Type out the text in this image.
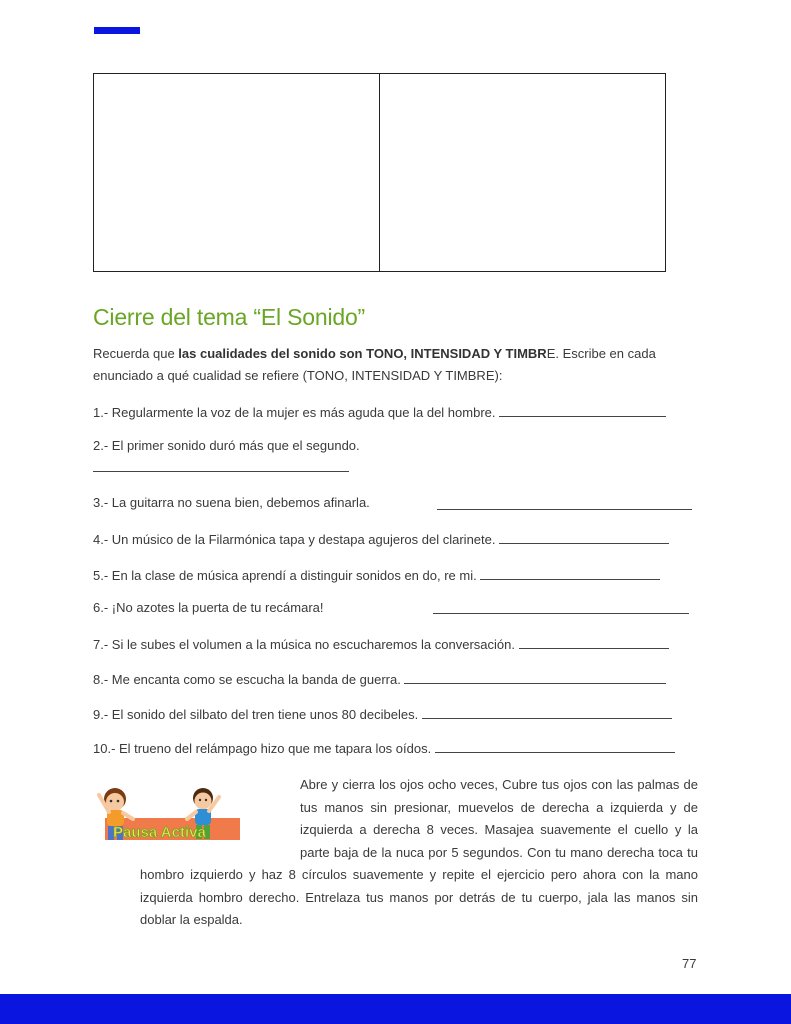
Cierre del tema “El Sonido”

Recuerda que las cualidades del sonido son TONO, INTENSIDAD Y TIMBRE. Escribe en cada enunciado a qué cualidad se refiere (TONO, INTENSIDAD Y TIMBRE):

1.- Regularmente la voz de la mujer es más aguda que la del hombre.
2.- El primer sonido duró más que el segundo.
3.- La guitarra no suena bien, debemos afinarla.
4.- Un músico de la Filarmónica tapa y destapa agujeros del clarinete.
5.- En la clase de música aprendí a distinguir sonidos en do, re mi.
6.- ¡No azotes la puerta de tu recámara!
7.- Si le subes el volumen a la música no escucharemos la conversación.
8.- Me encanta como se escucha la banda de guerra.
9.- El sonido del silbato del tren tiene unos 80 decibeles.
10.- El trueno del relámpago hizo que me tapara los oídos.
Pausa Activa
Abre y cierra los ojos ocho veces, Cubre tus ojos con las palmas de tus manos sin presionar, muevelos de derecha a izquierda y de izquierda a derecha 8 veces. Masajea suavemente el cuello y la parte baja de la nuca por 5 segundos. Con tu mano derecha toca tu hombro izquierdo y haz 8 círculos suavemente y repite el ejercicio pero ahora con la mano izquierda hombro derecho. Entrelaza tus manos por detrás de tu cuerpo, jala las manos sin doblar la espalda.
77
